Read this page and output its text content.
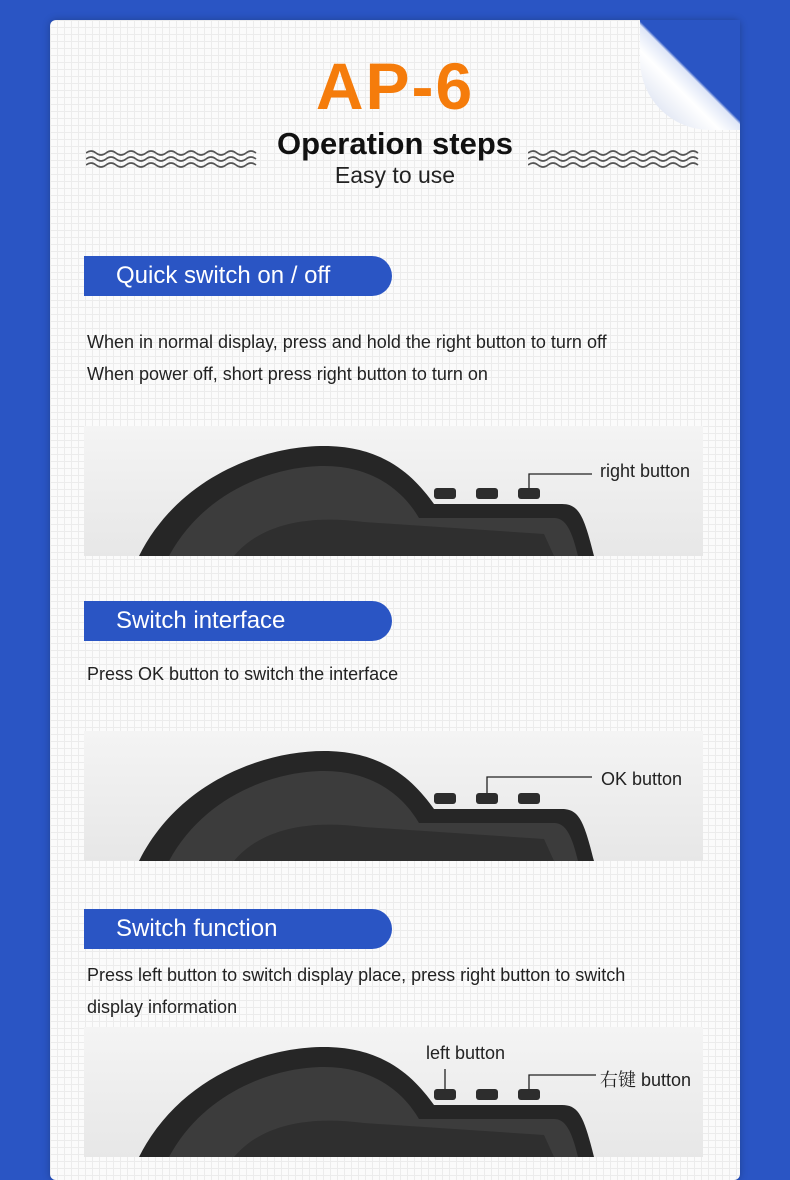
AP-6
Operation steps
Easy to use
Quick switch on / off
When in normal display, press and hold the right button to turn off
When power off, short press right button to turn on
right button
Switch interface
Press OK button to switch the interface
OK button
Switch function
Press left button to switch display place, press right button to switch
display information
left button
右键 button
